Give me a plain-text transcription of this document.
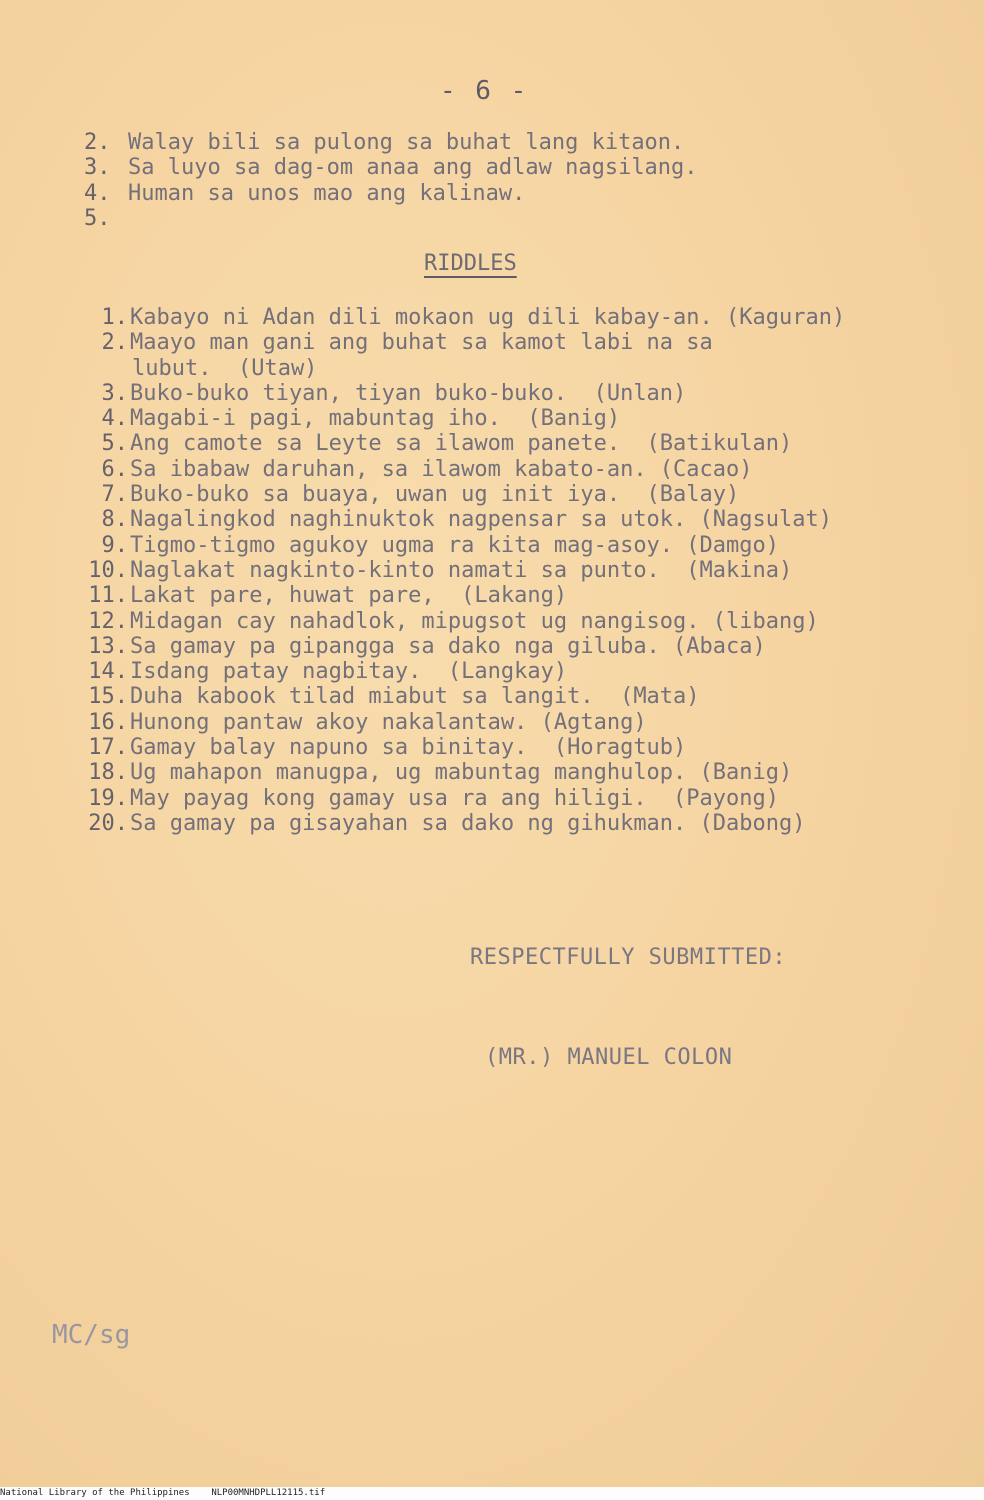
- 6 -
2. Walay bili sa pulong sa buhat lang kitaon.
3. Sa luyo sa dag-om anaa ang adlaw nagsilang.
4. Human sa unos mao ang kalinaw.
5.
RIDDLES
1.Kabayo ni Adan dili mokaon ug dili kabay-an. (Kaguran)
2.Maayo man gani ang buhat sa kamot labi na sa
lubut.  (Utaw)
3.Buko-buko tiyan, tiyan buko-buko.  (Unlan)
4.Magabi-i pagi, mabuntag iho.  (Banig)
5.Ang camote sa Leyte sa ilawom panete.  (Batikulan)
6.Sa ibabaw daruhan, sa ilawom kabato-an. (Cacao)
7.Buko-buko sa buaya, uwan ug init iya.  (Balay)
8.Nagalingkod naghinuktok nagpensar sa utok. (Nagsulat)
9.Tigmo-tigmo agukoy ugma ra kita mag-asoy. (Damgo)
10.Naglakat nagkinto-kinto namati sa punto.  (Makina)
11.Lakat pare, huwat pare,  (Lakang)
12.Midagan cay nahadlok, mipugsot ug nangisog. (libang)
13.Sa gamay pa gipangga sa dako nga giluba. (Abaca)
14.Isdang patay nagbitay.  (Langkay)
15.Duha kabook tilad miabut sa langit.  (Mata)
16.Hunong pantaw akoy nakalantaw. (Agtang)
17.Gamay balay napuno sa binitay.  (Horagtub)
18.Ug mahapon manugpa, ug mabuntag manghulop. (Banig)
19.May payag kong gamay usa ra ang hiligi.  (Payong)
20.Sa gamay pa gisayahan sa dako ng gihukman. (Dabong)
RESPECTFULLY SUBMITTED:
(MR.) MANUEL COLON
MC/sg
National Library of the Philippines    NLP00MNHDPLL12115.tif
